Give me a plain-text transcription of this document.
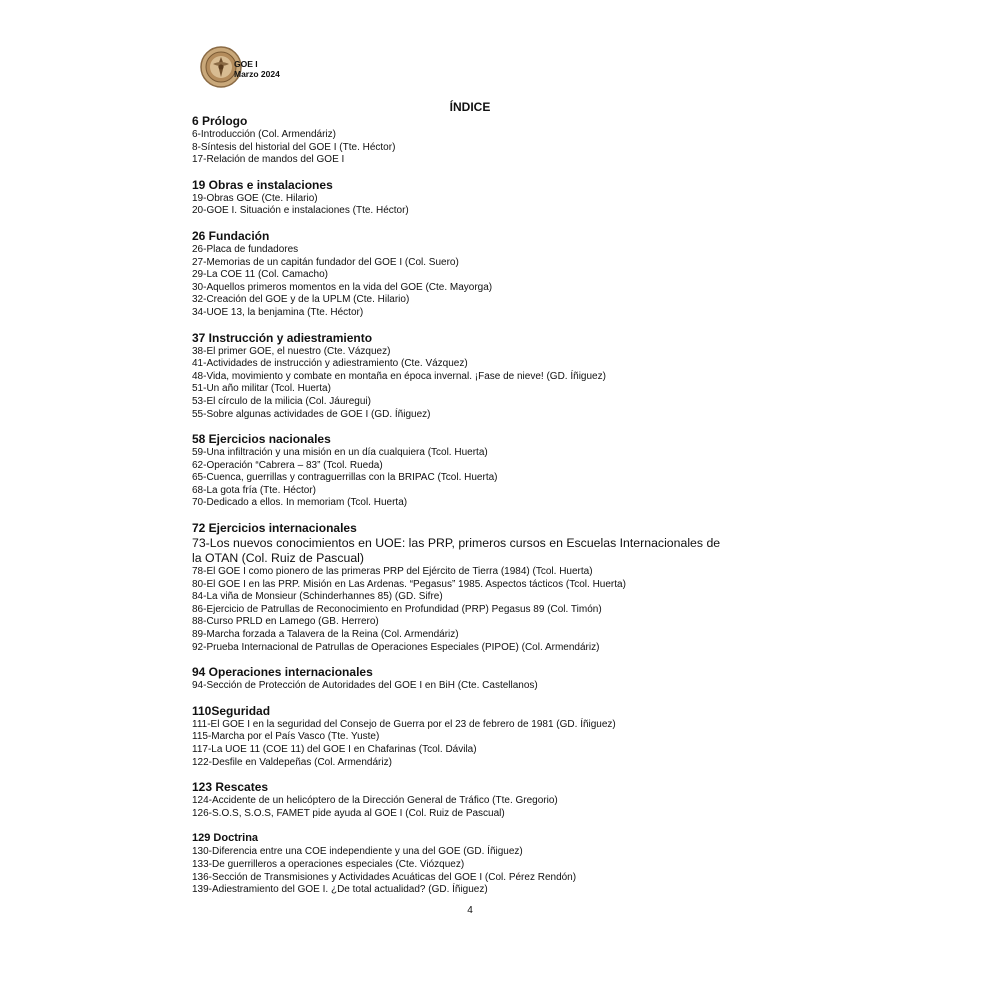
GOE I
Marzo 2024
ÍNDICE
6 Prólogo
6-Introducción (Col. Armendáriz)
8-Síntesis del historial del GOE I (Tte. Héctor)
17-Relación de mandos del GOE I
19 Obras e instalaciones
19-Obras GOE (Cte. Hilario)
20-GOE I. Situación e instalaciones (Tte. Héctor)
26 Fundación
26-Placa de fundadores
27-Memorias de un capitán fundador del GOE I (Col. Suero)
29-La COE 11 (Col. Camacho)
30-Aquellos primeros momentos en la vida del GOE (Cte. Mayorga)
32-Creación del GOE y de la UPLM (Cte. Hilario)
34-UOE 13, la benjamina (Tte. Héctor)
37 Instrucción y adiestramiento
38-El primer GOE, el nuestro (Cte. Vázquez)
41-Actividades de instrucción y adiestramiento (Cte. Vázquez)
48-Vida, movimiento y combate en montaña en época invernal. ¡Fase de nieve! (GD. Íñiguez)
51-Un año militar (Tcol. Huerta)
53-El círculo de la milicia (Col. Jáuregui)
55-Sobre algunas actividades de GOE I (GD. Íñiguez)
58 Ejercicios nacionales
59-Una infiltración y una misión en un día cualquiera (Tcol. Huerta)
62-Operación “Cabrera – 83” (Tcol. Rueda)
65-Cuenca, guerrillas y contraguerrillas con la BRIPAC (Tcol. Huerta)
68-La gota fría (Tte. Héctor)
70-Dedicado a ellos. In memoriam (Tcol. Huerta)
72 Ejercicios internacionales
73-Los nuevos conocimientos en UOE: las PRP, primeros cursos en Escuelas Internacionales de la OTAN (Col. Ruiz de Pascual)
78-El GOE I como pionero de las primeras PRP del Ejército de Tierra (1984) (Tcol. Huerta)
80-El GOE I en las PRP. Misión en Las Ardenas. “Pegasus” 1985. Aspectos tácticos (Tcol. Huerta)
84-La viña de Monsieur (Schinderhannes 85) (GD. Sifre)
86-Ejercicio de Patrullas de Reconocimiento en Profundidad (PRP) Pegasus 89 (Col. Timón)
88-Curso PRLD en Lamego (GB. Herrero)
89-Marcha forzada a Talavera de la Reina (Col. Armendáriz)
92-Prueba Internacional de Patrullas de Operaciones Especiales (PIPOE) (Col. Armendáriz)
94 Operaciones internacionales
94-Sección de Protección de Autoridades del GOE I en BiH (Cte. Castellanos)
110Seguridad
111-El GOE I en la seguridad del Consejo de Guerra por el 23 de febrero de 1981 (GD. Íñiguez)
115-Marcha por el País Vasco (Tte. Yuste)
117-La UOE 11 (COE 11) del GOE I en Chafarinas (Tcol. Dávila)
122-Desfile en Valdepeñas (Col. Armendáriz)
123 Rescates
124-Accidente de un helicóptero de la Dirección General de Tráfico (Tte. Gregorio)
126-S.O.S, S.O.S, FAMET pide ayuda al GOE I (Col. Ruiz de Pascual)
129 Doctrina
130-Diferencia entre una COE independiente y una del GOE (GD. Íñiguez)
133-De guerrilleros a operaciones especiales (Cte. Viózquez)
136-Sección de Transmisiones y Actividades Acuáticas del GOE I (Col. Pérez Rendón)
139-Adiestramiento del GOE I. ¿De total actualidad? (GD. Íñiguez)
4
